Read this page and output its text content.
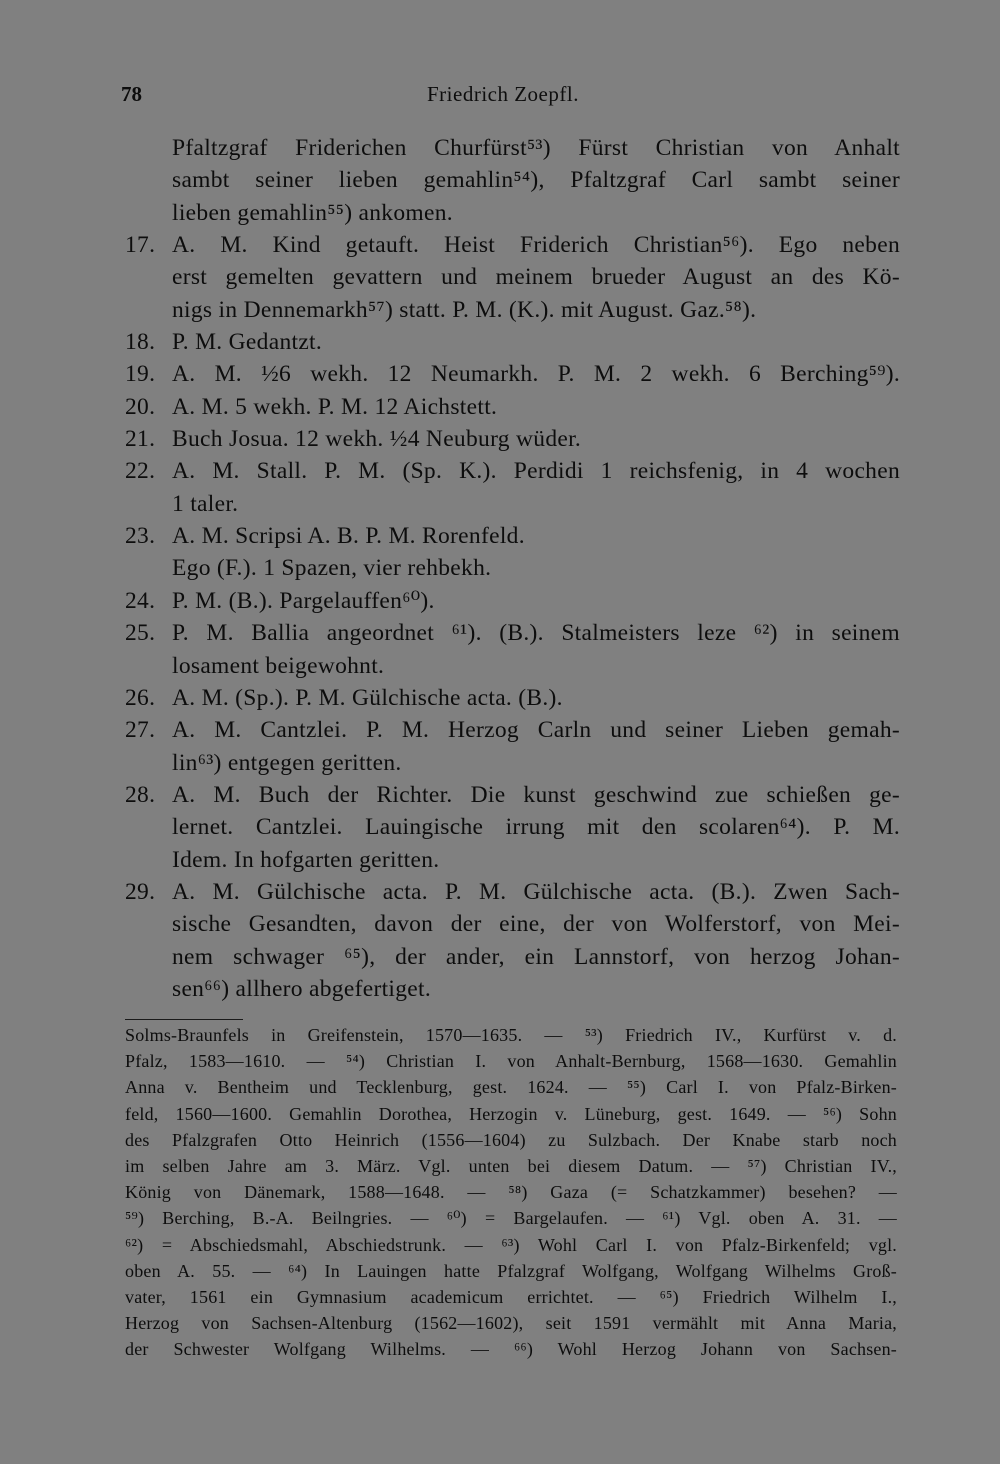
78	Friedrich Zoepfl.
Pfaltzgraf Friderichen Churfürst⁵³) Fürst Christian von Anhalt
sambt seiner lieben gemahlin⁵⁴), Pfaltzgraf Carl sambt seiner
lieben gemahlin⁵⁵) ankomen.
17. A. M. Kind getauft. Heist Friderich Christian⁵⁶). Ego neben
erst gemelten gevattern und meinem brueder August an des Kö-
nigs in Dennemarkh⁵⁷) statt. P. M. (K.). mit August. Gaz.⁵⁸).
18. P. M. Gedantzt.
19. A. M. ½6 wekh. 12 Neumarkh. P. M. 2 wekh. 6 Berching⁵⁹).
20. A. M. 5 wekh. P. M. 12 Aichstett.
21. Buch Josua. 12 wekh. ½4 Neuburg wüder.
22. A. M. Stall. P. M. (Sp. K.). Perdidi 1 reichsfenig, in 4 wochen
1 taler.
23. A. M. Scripsi A. B. P. M. Rorenfeld.
Ego (F.). 1 Spazen, vier rehbekh.
24. P. M. (B.). Pargelauffen⁶⁰).
25. P. M. Ballia angeordnet ⁶¹). (B.). Stalmeisters leze ⁶²) in seinem
losament beigewohnt.
26. A. M. (Sp.). P. M. Gülchische acta. (B.).
27. A. M. Cantzlei. P. M. Herzog Carln und seiner Lieben gemah-
lin⁶³) entgegen geritten.
28. A. M. Buch der Richter. Die kunst geschwind zue schießen ge-
lernet. Cantzlei. Lauingische irrung mit den scolaren⁶⁴). P. M.
Idem. In hofgarten geritten.
29. A. M. Gülchische acta. P. M. Gülchische acta. (B.). Zwen Sach-
sische Gesandten, davon der eine, der von Wolferstorf, von Mei-
nem schwager ⁶⁵), der ander, ein Lannstorf, von herzog Johan-
sen⁶⁶) allhero abgefertiget.
Solms-Braunfels in Greifenstein, 1570—1635. — ⁵³) Friedrich IV., Kurfürst v. d.
Pfalz, 1583—1610. — ⁵⁴) Christian I. von Anhalt-Bernburg, 1568—1630. Gemahlin
Anna v. Bentheim und Tecklenburg, gest. 1624. — ⁵⁵) Carl I. von Pfalz-Birken-
feld, 1560—1600. Gemahlin Dorothea, Herzogin v. Lüneburg, gest. 1649. — ⁵⁶) Sohn
des Pfalzgrafen Otto Heinrich (1556—1604) zu Sulzbach. Der Knabe starb noch
im selben Jahre am 3. März. Vgl. unten bei diesem Datum. — ⁵⁷) Christian IV.,
König von Dänemark, 1588—1648. — ⁵⁸) Gaza (= Schatzkammer) besehen? —
⁵⁹) Berching, B.-A. Beilngries. — ⁶⁰) = Bargelaufen. — ⁶¹) Vgl. oben A. 31. —
⁶²) = Abschiedsmahl, Abschiedstrunk. — ⁶³) Wohl Carl I. von Pfalz-Birkenfeld; vgl.
oben A. 55. — ⁶⁴) In Lauingen hatte Pfalzgraf Wolfgang, Wolfgang Wilhelms Groß-
vater, 1561 ein Gymnasium academicum errichtet. — ⁶⁵) Friedrich Wilhelm I.,
Herzog von Sachsen-Altenburg (1562—1602), seit 1591 vermählt mit Anna Maria,
der Schwester Wolfgang Wilhelms. — ⁶⁶) Wohl Herzog Johann von Sachsen-
